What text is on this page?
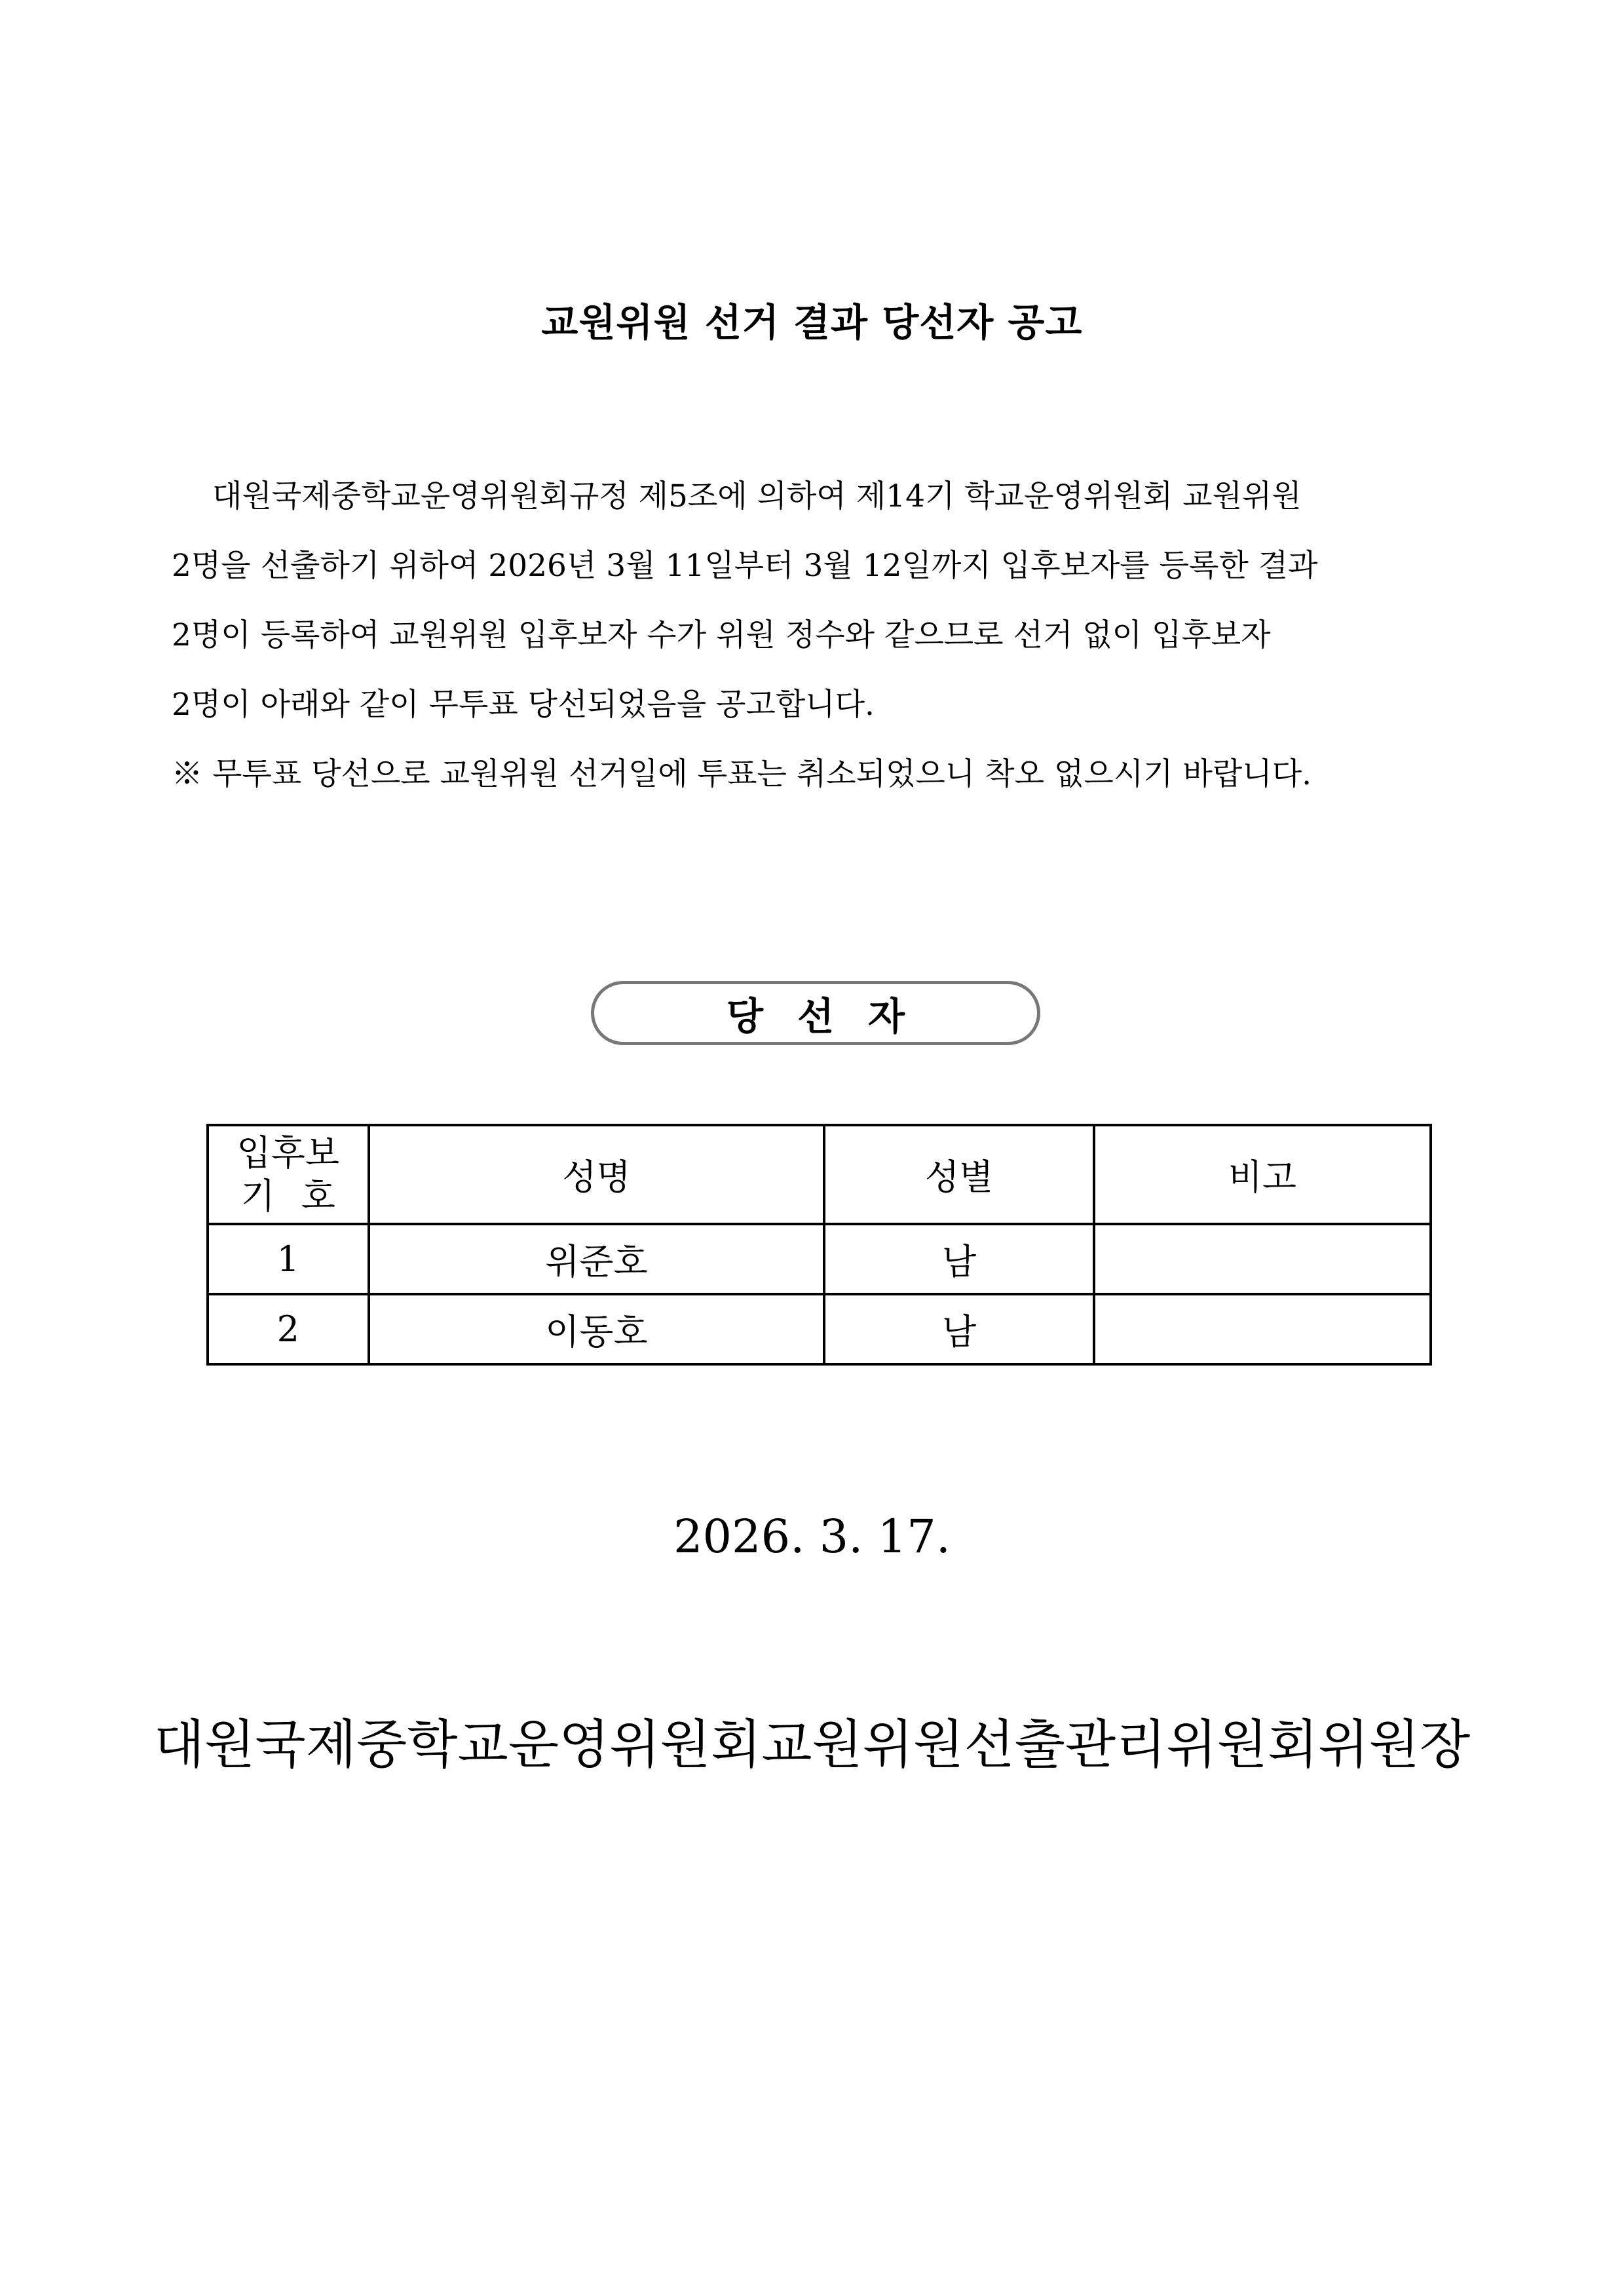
교원위원 선거 결과 당선자 공고

대원국제중학교운영위원회규정 제5조에 의하여 제14기 학교운영위원회 교원위원

2명을 선출하기 위하여 2026년 3월 11일부터 3월 12일까지 입후보자를 등록한 결과

2명이 등록하여 교원위원 입후보자 수가 위원 정수와 같으므로 선거 없이 입후보자

2명이 아래와 같이 무투표 당선되었음을 공고합니다.

※ 무투표 당선으로 교원위원 선거일에 투표는 취소되었으니 착오 없으시기 바랍니다.

당선자
입후보
기호	성명	성별	비고
1	위준호	남	
2	이동호	남	
2026. 3. 17.
대원국제중학교운영위원회교원위원선출관리위원회위원장
